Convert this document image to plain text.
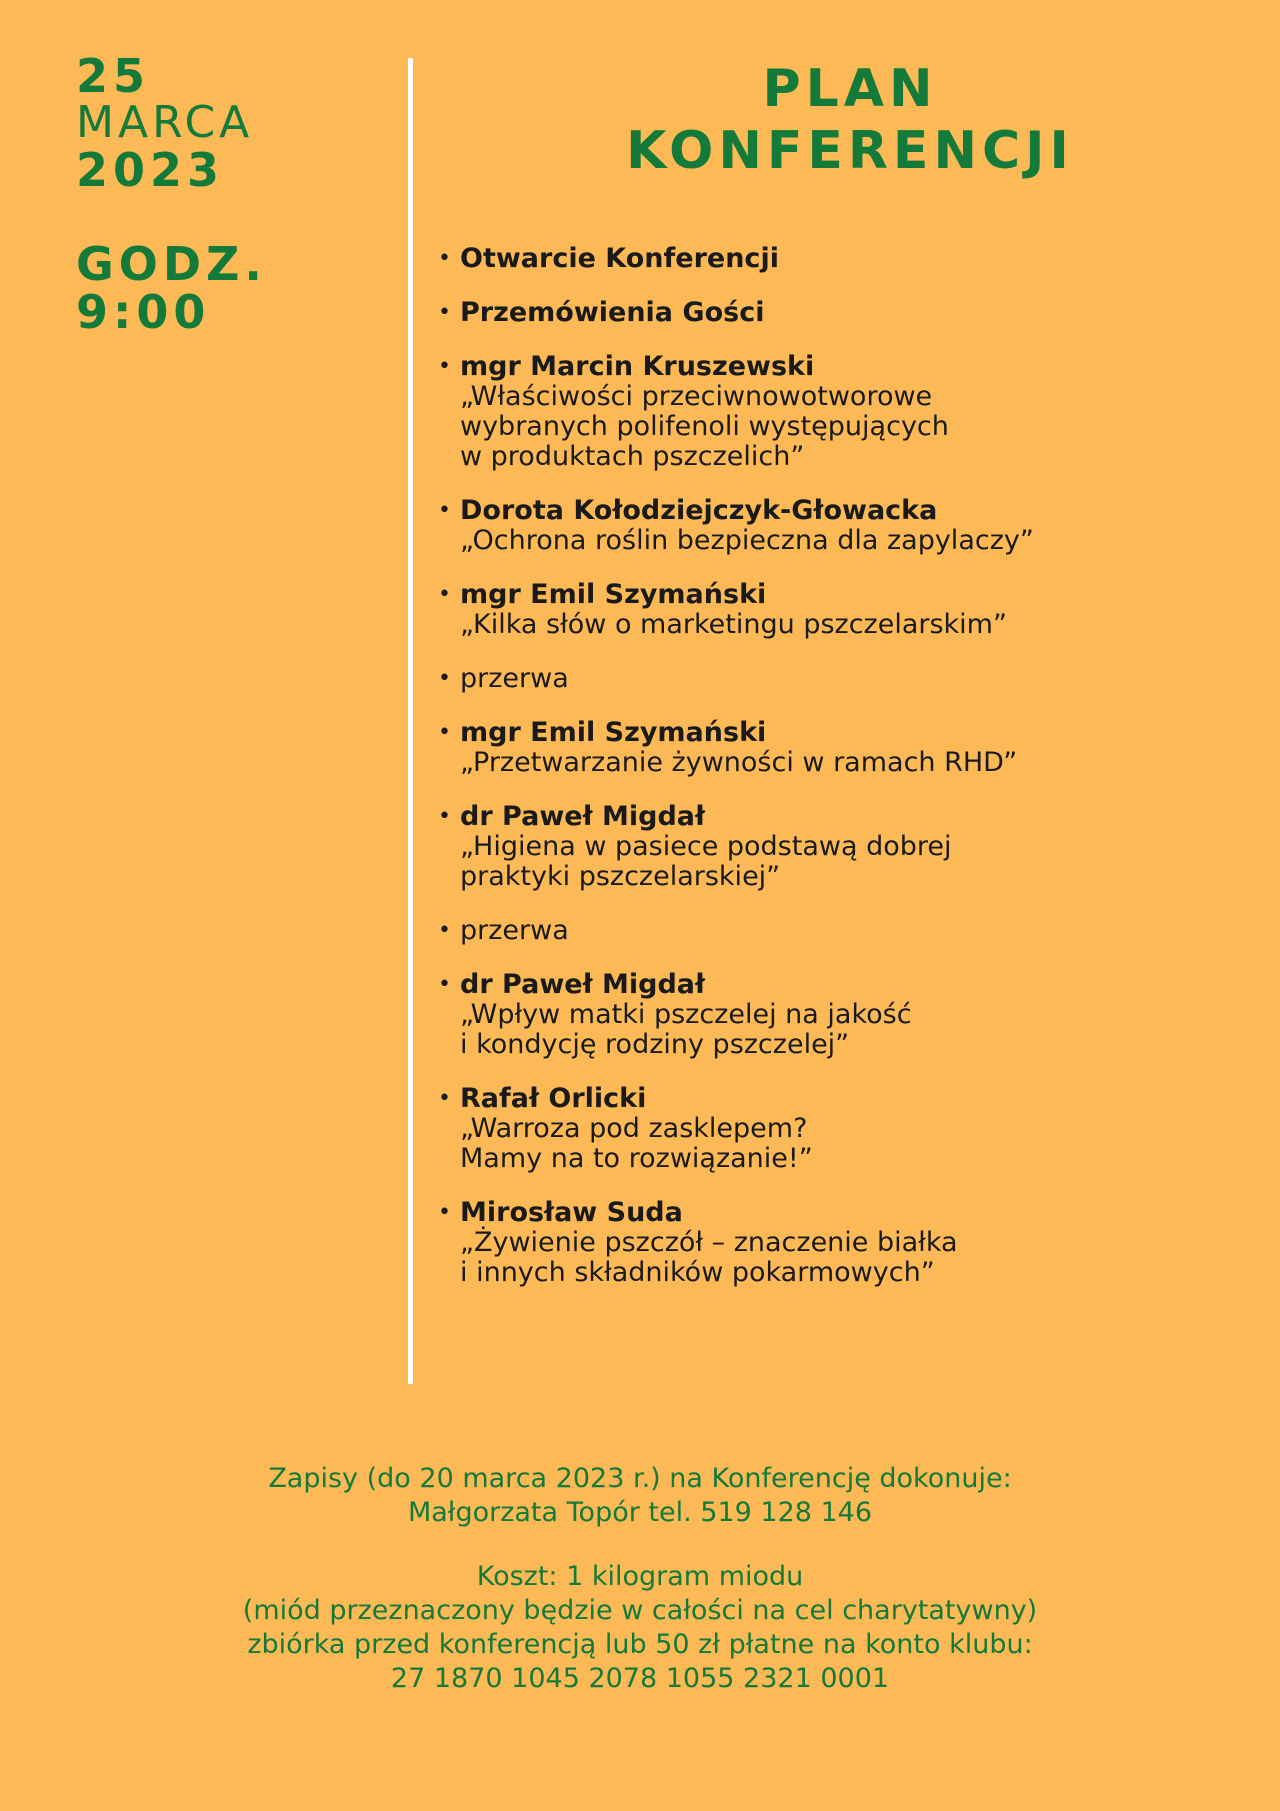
25
MARCA
2023
GODZ.
9:00
PLAN
KONFERENCJI
• Otwarcie Konferencji
• Przemówienia Gości
• mgr Marcin Kruszewski
„Właściwości przeciwnowotworowe
wybranych polifenoli występujących
w produktach pszczelich”
• Dorota Kołodziejczyk-Głowacka
„Ochrona roślin bezpieczna dla zapylaczy”
• mgr Emil Szymański
„Kilka słów o marketingu pszczelarskim”
• przerwa
• mgr Emil Szymański
„Przetwarzanie żywności w ramach RHD”
• dr Paweł Migdał
„Higiena w pasiece podstawą dobrej
praktyki pszczelarskiej”
• przerwa
• dr Paweł Migdał
„Wpływ matki pszczelej na jakość
i kondycję rodziny pszczelej”
• Rafał Orlicki
„Warroza pod zasklepem?
Mamy na to rozwiązanie!”
• Mirosław Suda
„Żywienie pszczół – znaczenie białka
i innych składników pokarmowych”
Zapisy (do 20 marca 2023 r.) na Konferencję dokonuje:
Małgorzata Topór tel. 519 128 146
Koszt: 1 kilogram miodu
(miód przeznaczony będzie w całości na cel charytatywny)
zbiórka przed konferencją lub 50 zł płatne na konto klubu:
27 1870 1045 2078 1055 2321 0001
